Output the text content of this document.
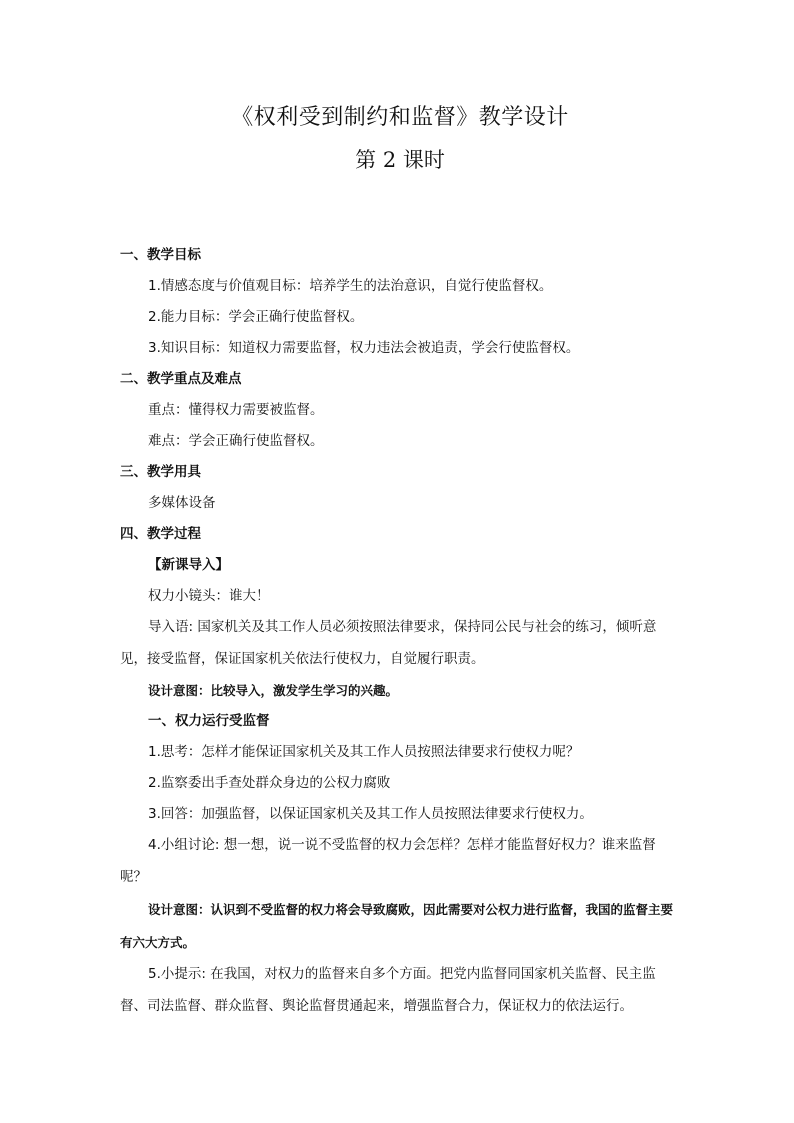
《权利受到制约和监督》教学设计
第 2 课时
一、教学目标
1.情感态度与价值观目标：培养学生的法治意识，自觉行使监督权。
2.能力目标：学会正确行使监督权。
3.知识目标：知道权力需要监督，权力违法会被追责，学会行使监督权。
二、教学重点及难点
重点：懂得权力需要被监督。
难点：学会正确行使监督权。
三、教学用具
多媒体设备
四、教学过程
【新课导入】
权力小镜头：谁大！
导入语: 国家机关及其工作人员必须按照法律要求，保持同公民与社会的练习，倾听意见，接受监督，保证国家机关依法行使权力，自觉履行职责。
设计意图：比较导入，激发学生学习的兴趣。
一、权力运行受监督
1.思考：怎样才能保证国家机关及其工作人员按照法律要求行使权力呢？
2.监察委出手查处群众身边的公权力腐败
3.回答：加强监督，以保证国家机关及其工作人员按照法律要求行使权力。
4.小组讨论: 想一想，说一说不受监督的权力会怎样？怎样才能监督好权力？谁来监督呢？
设计意图：认识到不受监督的权力将会导致腐败，因此需要对公权力进行监督，我国的监督主要有六大方式。
5.小提示: 在我国，对权力的监督来自多个方面。把党内监督同国家机关监督、民主监督、司法监督、群众监督、舆论监督贯通起来，增强监督合力，保证权力的依法运行。
